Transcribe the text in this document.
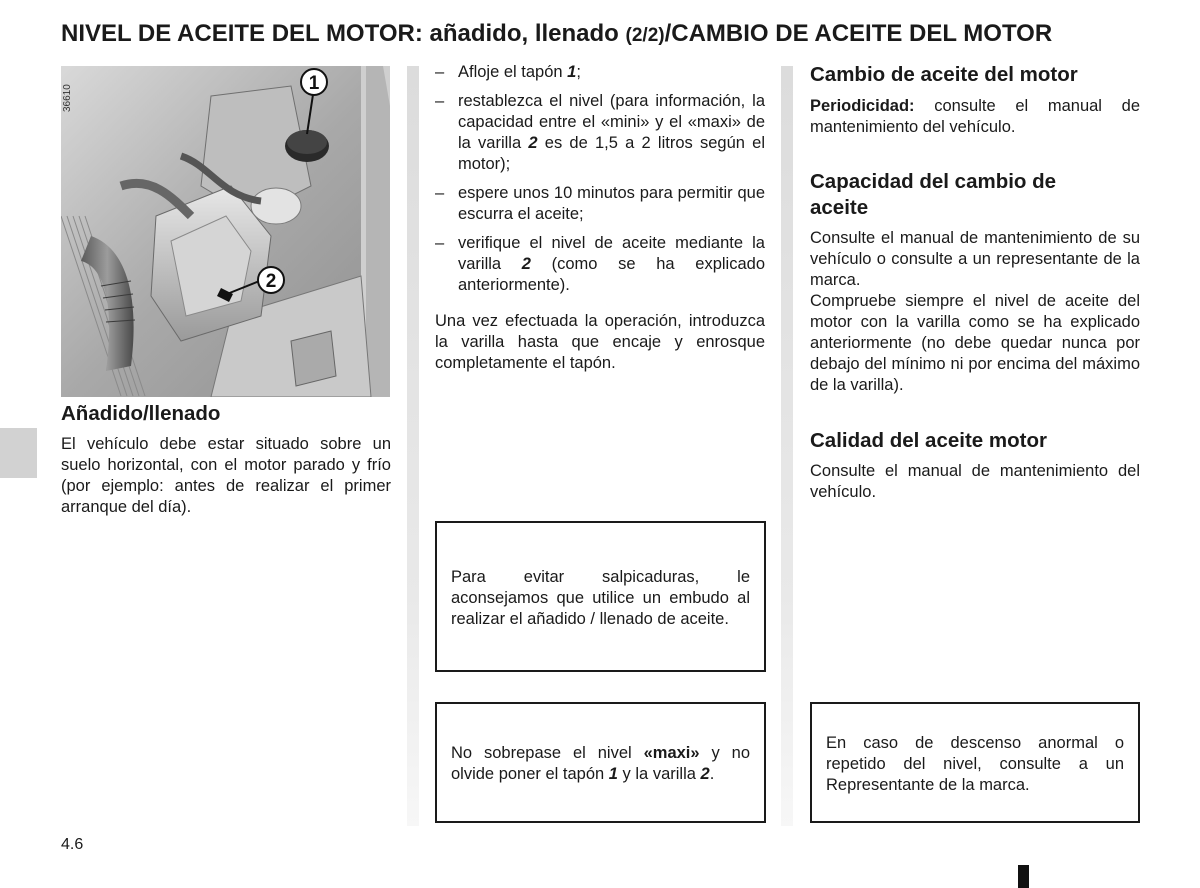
NIVEL DE ACEITE DEL MOTOR: añadido, llenado (2/2)/CAMBIO DE ACEITE DEL MOTOR
1
2
36610
Añadido/llenado
El vehículo debe estar situado sobre un suelo horizontal, con el motor parado y frío (por ejemplo: antes de realizar el primer arranque del día).
– Afloje el tapón 1;
– restablezca el nivel (para información, la capacidad entre el «mini» y el «maxi» de la varilla 2 es de 1,5 a 2 litros según el motor);
– espere unos 10 minutos para permitir que escurra el aceite;
– verifique el nivel de aceite mediante la varilla 2 (como se ha explicado anteriormente).
Una vez efectuada la operación, introduzca la varilla hasta que encaje y enrosque completamente el tapón.
Para evitar salpicaduras, le aconsejamos que utilice un embudo al realizar el añadido / llenado de aceite.
No sobrepase el nivel «maxi» y no olvide poner el tapón 1 y la varilla 2.
Cambio de aceite del motor
Periodicidad: consulte el manual de mantenimiento del vehículo.
Capacidad del cambio de aceite
Consulte el manual de mantenimiento de su vehículo o consulte a un representante de la marca.
Compruebe siempre el nivel de aceite del motor con la varilla como se ha explicado anteriormente (no debe quedar nunca por debajo del mínimo ni por encima del máximo de la varilla).
Calidad del aceite motor
Consulte el manual de mantenimiento del vehículo.
En caso de descenso anormal o repetido del nivel, consulte a un Representante de la marca.
4.6
